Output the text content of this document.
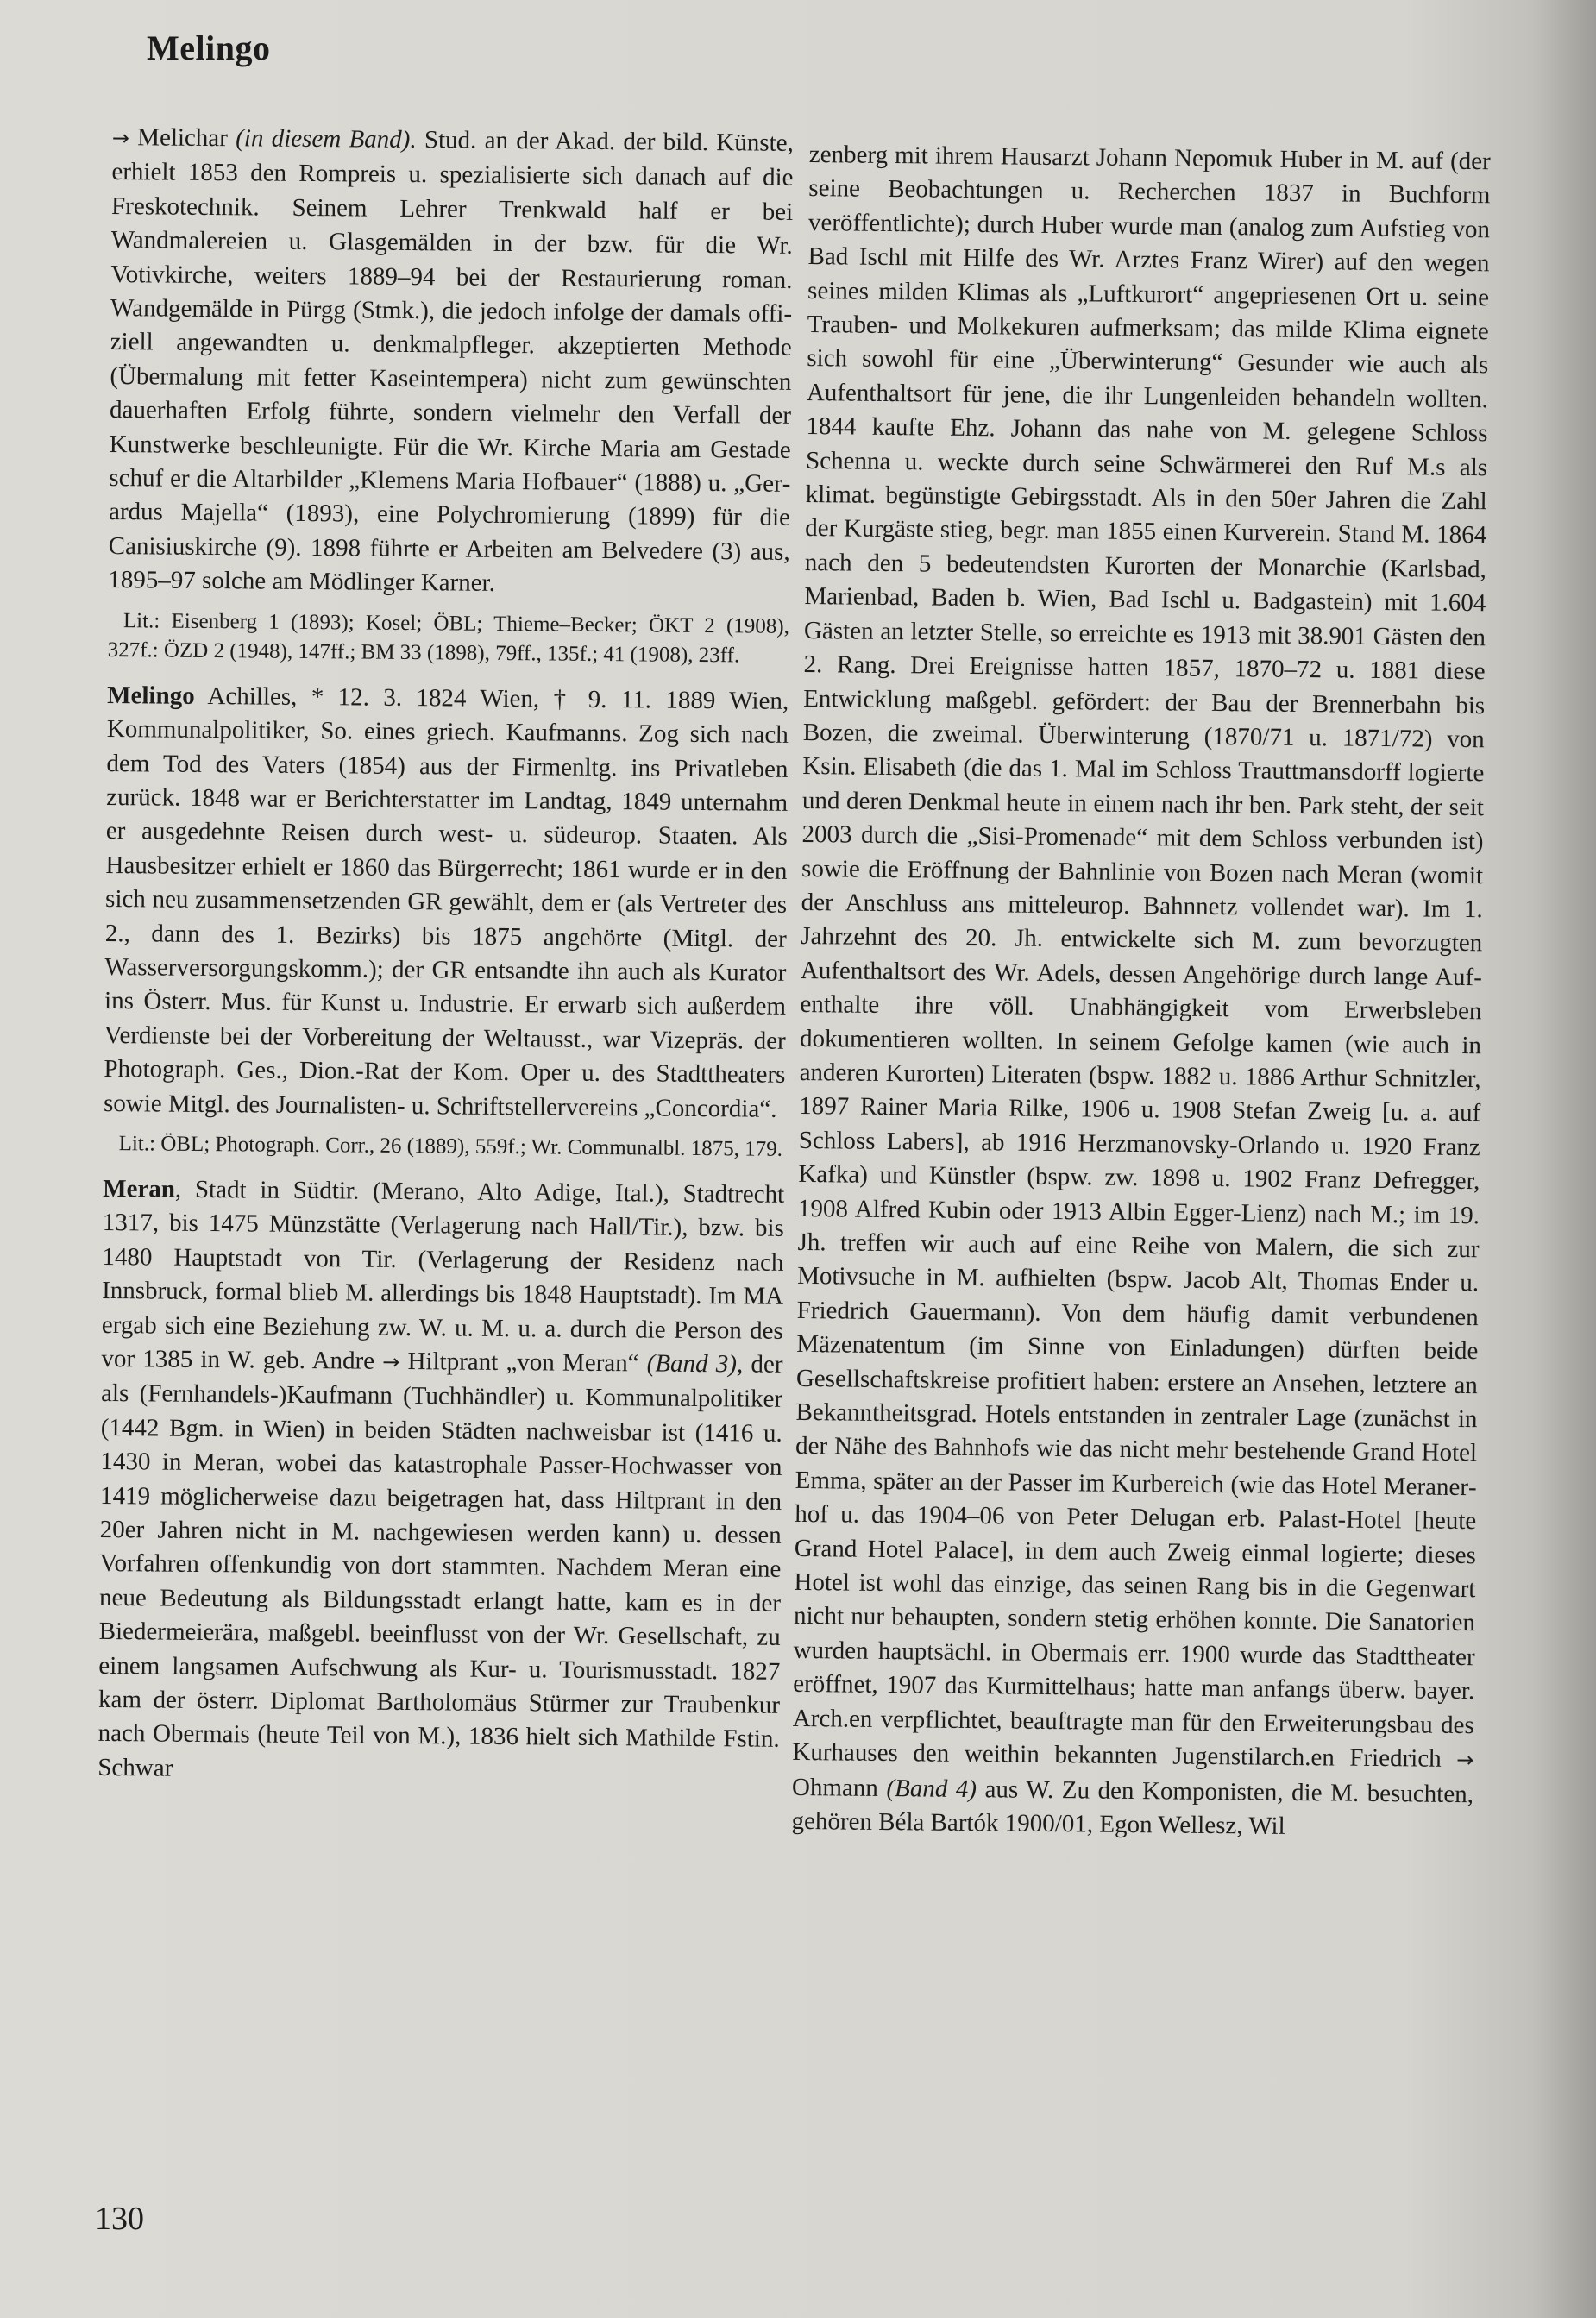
Melingo

→ Melichar (in diesem Band). Stud. an der Akad. der bild. Künste, erhielt 1853 den Rompreis u. spezialisierte sich danach auf die Freskotechnik. Seinem Lehrer Trenkwald half er bei Wandmalereien u. Glasgemälden in der bzw. für die Wr. Votivkirche, weiters 1889–94 bei der Restaurierung roman. Wandgemälde in Pürgg (Stmk.), die jedoch infolge der damals offiziell angewandten u. denkmalpfleger. akzeptierten Methode (Übermalung mit fetter Kaseintempera) nicht zum gewünschten dauerhaften Erfolg führte, sondern vielmehr den Verfall der Kunstwerke beschleunigte. Für die Wr. Kirche Maria am Gestade schuf er die Altarbilder „Klemens Maria Hofbauer“ (1888) u. „Gerardus Majella“ (1893), eine Polychromierung (1899) für die Canisiuskirche (9). 1898 führte er Arbeiten am Belvedere (3) aus, 1895–97 solche am Mödlinger Karner.

Lit.: Eisenberg 1 (1893); Kosel; ÖBL; Thieme–Becker; ÖKT 2 (1908), 327f.: ÖZD 2 (1948), 147ff.; BM 33 (1898), 79ff., 135f.; 41 (1908), 23ff.

Melingo Achilles, * 12. 3. 1824 Wien, † 9. 11. 1889 Wien, Kommunalpolitiker, So. eines griech. Kaufmanns. Zog sich nach dem Tod des Vaters (1854) aus der Firmenltg. ins Privatleben zurück. 1848 war er Berichterstatter im Landtag, 1849 unternahm er ausgedehnte Reisen durch west- u. südeurop. Staaten. Als Hausbesitzer erhielt er 1860 das Bürgerrecht; 1861 wurde er in den sich neu zusammensetzenden GR gewählt, dem er (als Vertreter des 2., dann des 1. Bezirks) bis 1875 angehörte (Mitgl. der Wasserversorgungskomm.); der GR entsandte ihn auch als Kurator ins Österr. Mus. für Kunst u. Industrie. Er erwarb sich außerdem Verdienste bei der Vorbereitung der Weltausst., war Vizepräs. der Photograph. Ges., Dion.-Rat der Kom. Oper u. des Stadttheaters sowie Mitgl. des Journalisten- u. Schriftstellervereins „Concordia“.

Lit.: ÖBL; Photograph. Corr., 26 (1889), 559f.; Wr. Communalbl. 1875, 179.

Meran, Stadt in Südtir. (Merano, Alto Adige, Ital.), Stadtrecht 1317, bis 1475 Münzstätte (Verlagerung nach Hall/Tir.), bzw. bis 1480 Hauptstadt von Tir. (Verlagerung der Residenz nach Innsbruck, formal blieb M. allerdings bis 1848 Hauptstadt). Im MA ergab sich eine Beziehung zw. W. u. M. u. a. durch die Person des vor 1385 in W. geb. Andre → Hiltprant „von Meran“ (Band 3), der als (Fernhandels-)Kaufmann (Tuchhändler) u. Kommunalpolitiker (1442 Bgm. in Wien) in beiden Städten nachweisbar ist (1416 u. 1430 in Meran, wobei das katastrophale Passer-Hochwasser von 1419 möglicherweise dazu beigetragen hat, dass Hiltprant in den 20er Jahren nicht in M. nachgewiesen werden kann) u. dessen Vorfahren offenkundig von dort stammten. Nachdem Meran eine neue Bedeutung als Bildungsstadt erlangt hatte, kam es in der Biedermeierära, maßgebl. beeinflusst von der Wr. Gesellschaft, zu einem langsamen Aufschwung als Kur- u. Tourismusstadt. 1827 kam der österr. Diplomat Bartholomäus Stürmer zur Traubenkur nach Obermais (heute Teil von M.), 1836 hielt sich Mathilde Fstin. Schwar

zenberg mit ihrem Hausarzt Johann Nepomuk Huber in M. auf (der seine Beobachtungen u. Recherchen 1837 in Buchform veröffentlichte); durch Huber wurde man (analog zum Aufstieg von Bad Ischl mit Hilfe des Wr. Arztes Franz Wirer) auf den wegen seines milden Klimas als „Luftkurort“ angepriesenen Ort u. seine Trauben- und Molkekuren aufmerksam; das milde Klima eignete sich sowohl für eine „Überwinterung“ Gesunder wie auch als Aufenthaltsort für jene, die ihr Lungenleiden behandeln wollten. 1844 kaufte Ehz. Johann das nahe von M. gelegene Schloss Schenna u. weckte durch seine Schwärmerei den Ruf M.s als klimat. begünstigte Gebirgsstadt. Als in den 50er Jahren die Zahl der Kurgäste stieg, begr. man 1855 einen Kurverein. Stand M. 1864 nach den 5 bedeutendsten Kurorten der Monarchie (Karlsbad, Marienbad, Baden b. Wien, Bad Ischl u. Badgastein) mit 1.604 Gästen an letzter Stelle, so erreichte es 1913 mit 38.901 Gästen den 2. Rang. Drei Ereignisse hatten 1857, 1870–72 u. 1881 diese Entwicklung maßgebl. gefördert: der Bau der Brennerbahn bis Bozen, die zweimal. Überwinterung (1870/71 u. 1871/72) von Ksin. Elisabeth (die das 1. Mal im Schloss Trauttmansdorff logierte und deren Denkmal heute in einem nach ihr ben. Park steht, der seit 2003 durch die „Sisi-Promenade“ mit dem Schloss verbunden ist) sowie die Eröffnung der Bahnlinie von Bozen nach Meran (womit der Anschluss ans mitteleurop. Bahnnetz vollendet war). Im 1. Jahrzehnt des 20. Jh. entwickelte sich M. zum bevorzugten Aufenthaltsort des Wr. Adels, dessen Angehörige durch lange Aufenthalte ihre völl. Unabhängigkeit vom Erwerbsleben dokumentieren wollten. In seinem Gefolge kamen (wie auch in anderen Kurorten) Literaten (bspw. 1882 u. 1886 Arthur Schnitzler, 1897 Rainer Maria Rilke, 1906 u. 1908 Stefan Zweig [u. a. auf Schloss Labers], ab 1916 Herzmanovsky-Orlando u. 1920 Franz Kafka) und Künstler (bspw. zw. 1898 u. 1902 Franz Defregger, 1908 Alfred Kubin oder 1913 Albin Egger-Lienz) nach M.; im 19. Jh. treffen wir auch auf eine Reihe von Malern, die sich zur Motivsuche in M. aufhielten (bspw. Jacob Alt, Thomas Ender u. Friedrich Gauermann). Von dem häufig damit verbundenen Mäzenatentum (im Sinne von Einladungen) dürften beide Gesellschaftskreise profitiert haben: erstere an Ansehen, letztere an Bekanntheitsgrad. Hotels entstanden in zentraler Lage (zunächst in der Nähe des Bahnhofs wie das nicht mehr bestehende Grand Hotel Emma, später an der Passer im Kurbereich (wie das Hotel Meranerhof u. das 1904–06 von Peter Delugan erb. Palast-Hotel [heute Grand Hotel Palace], in dem auch Zweig einmal logierte; dieses Hotel ist wohl das einzige, das seinen Rang bis in die Gegenwart nicht nur behaupten, sondern stetig erhöhen konnte. Die Sanatorien wurden hauptsächl. in Obermais err. 1900 wurde das Stadttheater eröffnet, 1907 das Kurmittelhaus; hatte man anfangs überw. bayer. Arch.en verpflichtet, beauftragte man für den Erweiterungsbau des Kurhauses den weithin bekannten Jugenstilarch.en Friedrich → Ohmann (Band 4) aus W. Zu den Komponisten, die M. besuchten, gehören Béla Bartók 1900/01, Egon Wellesz, Wil

130
